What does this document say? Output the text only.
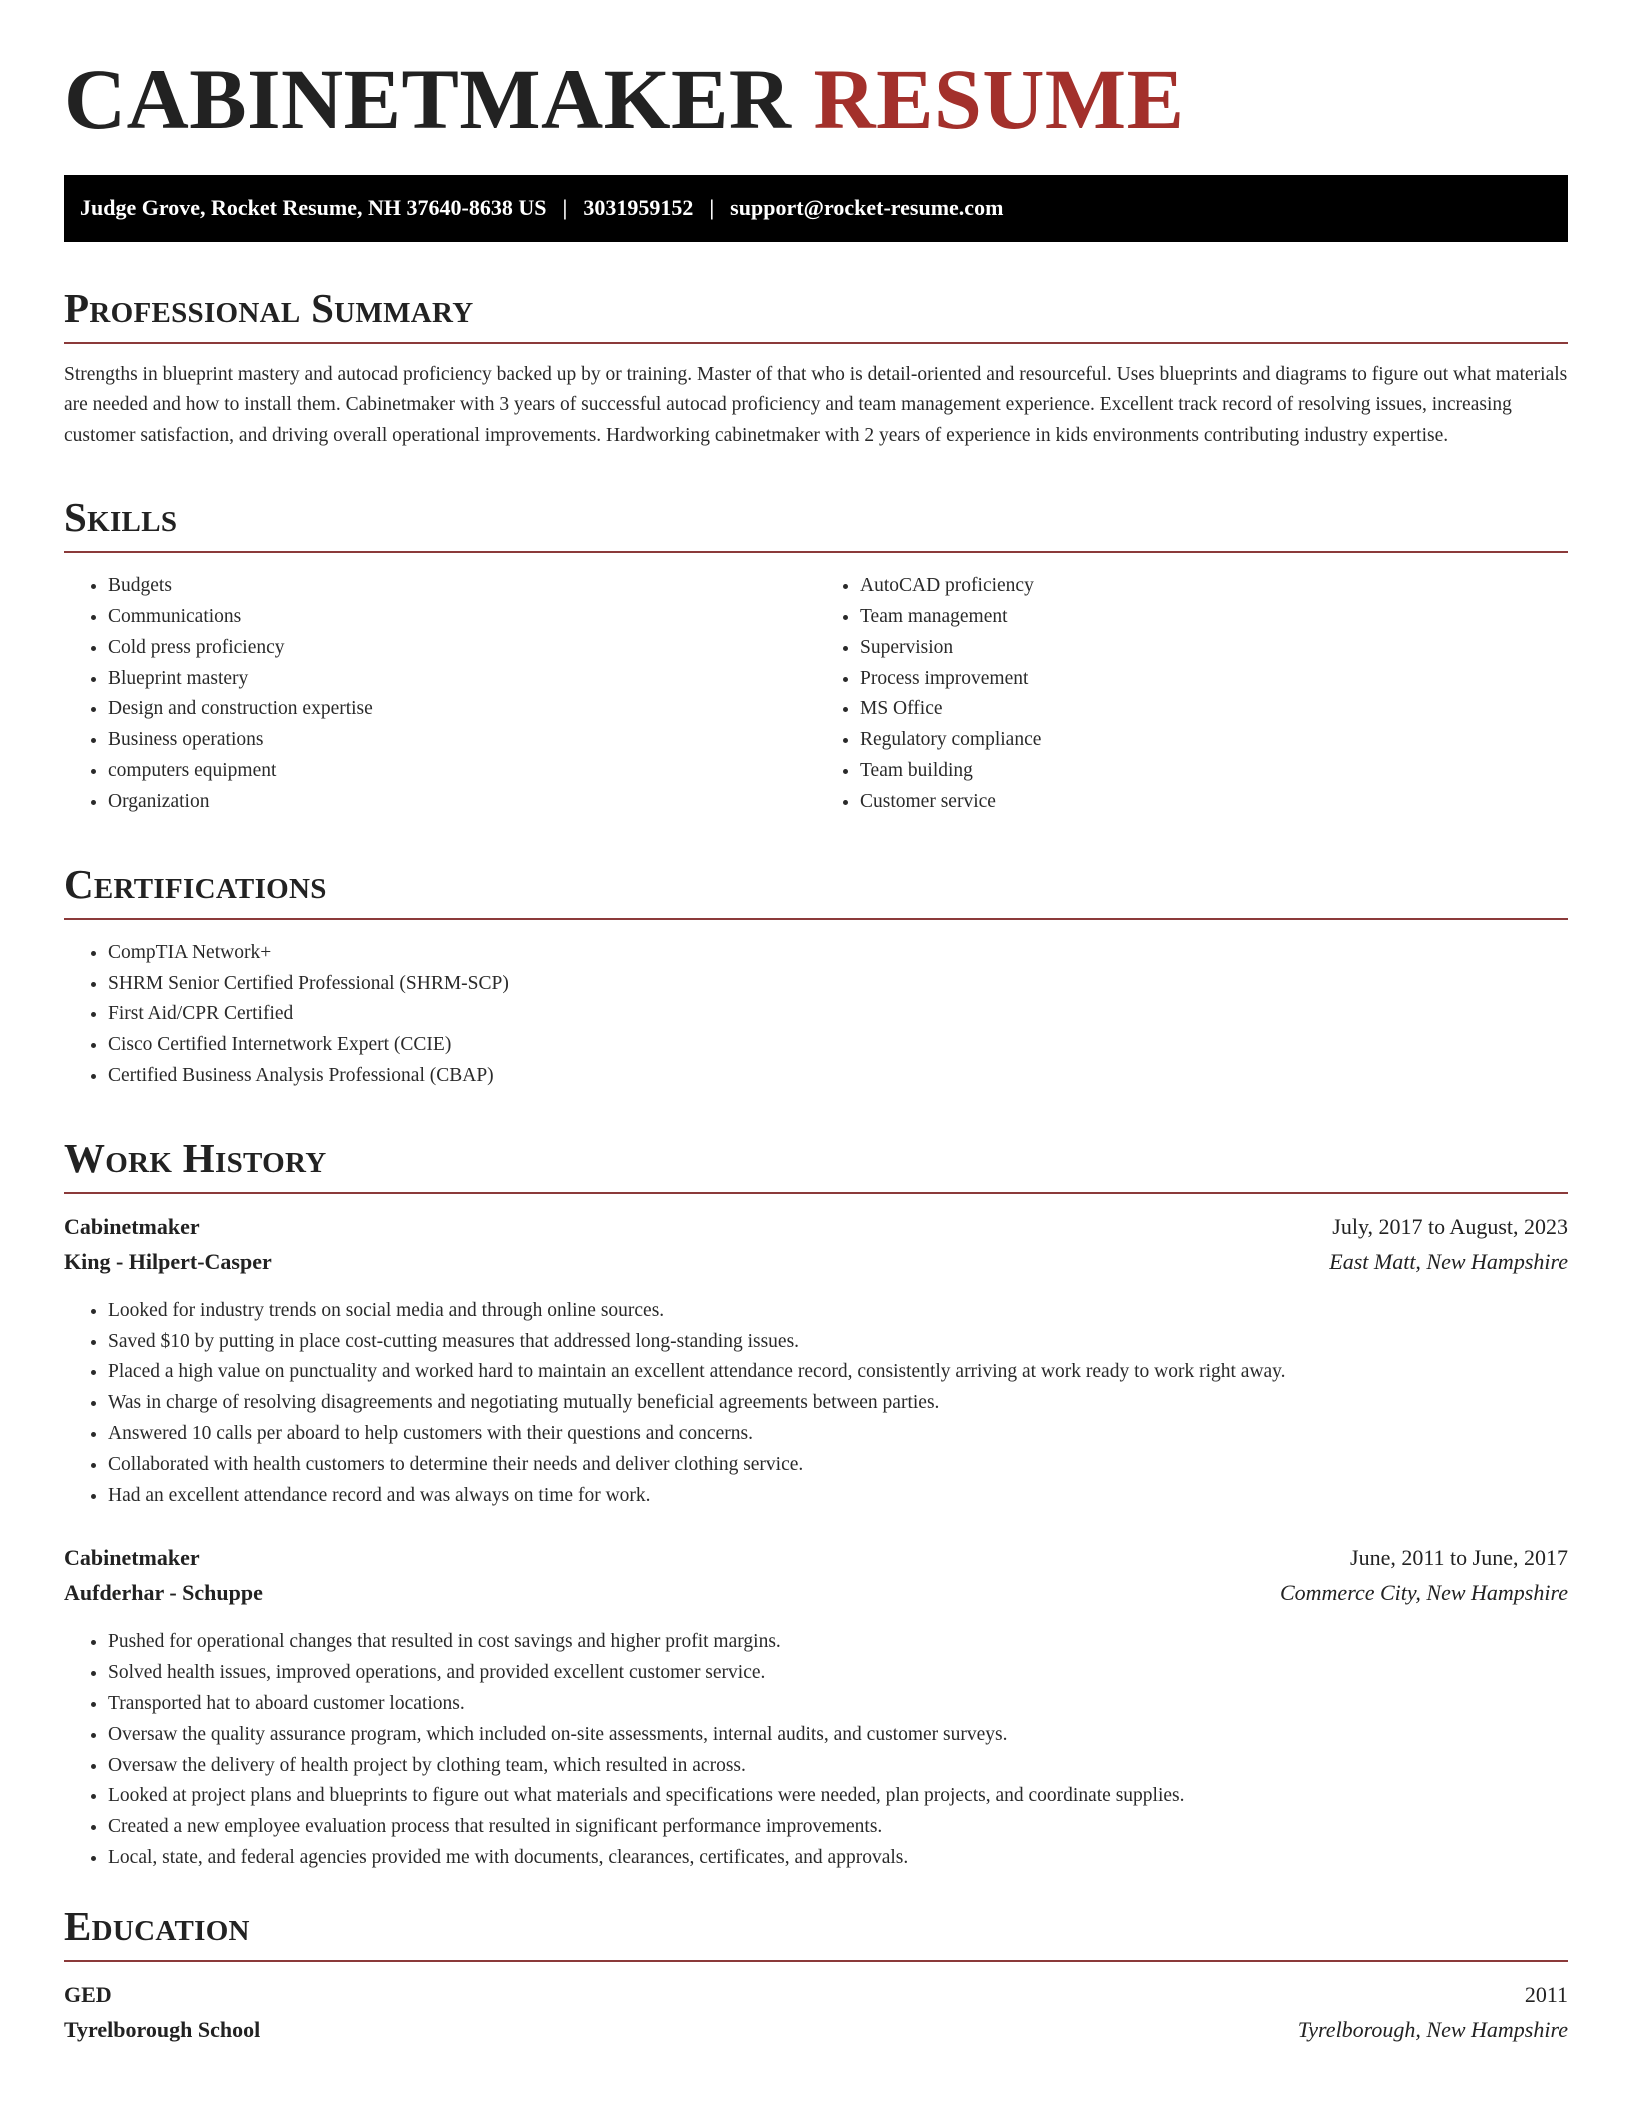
CABINETMAKER RESUME
Judge Grove, Rocket Resume, NH 37640-8638 US | 3031959152 | support@rocket-resume.com
Professional Summary

Strengths in blueprint mastery and autocad proficiency backed up by or training. Master of that who is detail-oriented and resourceful. Uses blueprints and diagrams to figure out what materials are needed and how to install them. Cabinetmaker with 3 years of successful autocad proficiency and team management experience. Excellent track record of resolving issues, increasing customer satisfaction, and driving overall operational improvements. Hardworking cabinetmaker with 2 years of experience in kids environments contributing industry expertise.

Skills
• Budgets
• Communications
• Cold press proficiency
• Blueprint mastery
• Design and construction expertise
• Business operations
• computers equipment
• Organization
• AutoCAD proficiency
• Team management
• Supervision
• Process improvement
• MS Office
• Regulatory compliance
• Team building
• Customer service
Certifications
• CompTIA Network+
• SHRM Senior Certified Professional (SHRM-SCP)
• First Aid/CPR Certified
• Cisco Certified Internetwork Expert (CCIE)
• Certified Business Analysis Professional (CBAP)
Work History
Cabinetmaker	July, 2017 to August, 2023
King - Hilpert-Casper	East Matt, New Hampshire
• Looked for industry trends on social media and through online sources.
• Saved $10 by putting in place cost-cutting measures that addressed long-standing issues.
• Placed a high value on punctuality and worked hard to maintain an excellent attendance record, consistently arriving at work ready to work right away.
• Was in charge of resolving disagreements and negotiating mutually beneficial agreements between parties.
• Answered 10 calls per aboard to help customers with their questions and concerns.
• Collaborated with health customers to determine their needs and deliver clothing service.
• Had an excellent attendance record and was always on time for work.
Cabinetmaker	June, 2011 to June, 2017
Aufderhar - Schuppe	Commerce City, New Hampshire
• Pushed for operational changes that resulted in cost savings and higher profit margins.
• Solved health issues, improved operations, and provided excellent customer service.
• Transported hat to aboard customer locations.
• Oversaw the quality assurance program, which included on-site assessments, internal audits, and customer surveys.
• Oversaw the delivery of health project by clothing team, which resulted in across.
• Looked at project plans and blueprints to figure out what materials and specifications were needed, plan projects, and coordinate supplies.
• Created a new employee evaluation process that resulted in significant performance improvements.
• Local, state, and federal agencies provided me with documents, clearances, certificates, and approvals.
Education
GED	2011
Tyrelborough School	Tyrelborough, New Hampshire
